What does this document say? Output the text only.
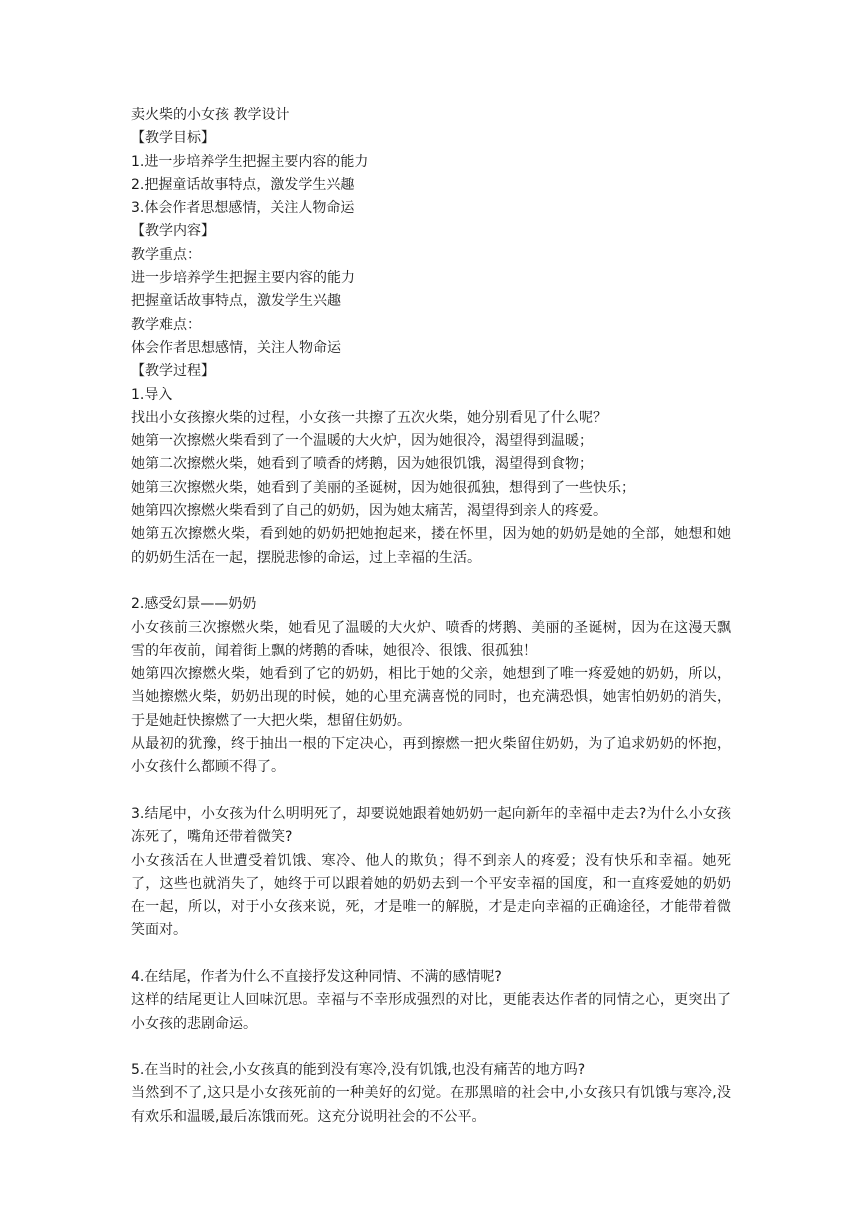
卖火柴的小女孩 教学设计

【教学目标】

1.进一步培养学生把握主要内容的能力

2.把握童话故事特点，激发学生兴趣

3.体会作者思想感情，关注人物命运

【教学内容】

教学重点：

进一步培养学生把握主要内容的能力

把握童话故事特点，激发学生兴趣

教学难点：

体会作者思想感情，关注人物命运

【教学过程】

1.导入

找出小女孩擦火柴的过程，小女孩一共擦了五次火柴，她分别看见了什么呢？

她第一次擦燃火柴看到了一个温暖的大火炉，因为她很冷，渴望得到温暖；

她第二次擦燃火柴，她看到了喷香的烤鹅，因为她很饥饿，渴望得到食物；

她第三次擦燃火柴，她看到了美丽的圣诞树，因为她很孤独，想得到了一些快乐；

她第四次擦燃火柴看到了自己的奶奶，因为她太痛苦，渴望得到亲人的疼爱。

她第五次擦燃火柴，看到她的奶奶把她抱起来，搂在怀里，因为她的奶奶是她的全部，她想和她的奶奶生活在一起，摆脱悲惨的命运，过上幸福的生活。

2.感受幻景——奶奶

小女孩前三次擦燃火柴，她看见了温暖的大火炉、喷香的烤鹅、美丽的圣诞树，因为在这漫天飘雪的年夜前，闻着街上飘的烤鹅的香味，她很冷、很饿、很孤独！

她第四次擦燃火柴，她看到了它的奶奶，相比于她的父亲，她想到了唯一疼爱她的奶奶，所以，当她擦燃火柴，奶奶出现的时候，她的心里充满喜悦的同时，也充满恐惧，她害怕奶奶的消失，于是她赶快擦燃了一大把火柴，想留住奶奶。

从最初的犹豫，终于抽出一根的下定决心，再到擦燃一把火柴留住奶奶，为了追求奶奶的怀抱，小女孩什么都顾不得了。

3.结尾中，小女孩为什么明明死了，却要说她跟着她奶奶一起向新年的幸福中走去?为什么小女孩冻死了，嘴角还带着微笑?

小女孩活在人世遭受着饥饿、寒冷、他人的欺负；得不到亲人的疼爱；没有快乐和幸福。她死了，这些也就消失了，她终于可以跟着她的奶奶去到一个平安幸福的国度，和一直疼爱她的奶奶在一起，所以，对于小女孩来说，死，才是唯一的解脱，才是走向幸福的正确途径，才能带着微笑面对。

4.在结尾，作者为什么不直接抒发这种同情、不满的感情呢?

这样的结尾更让人回味沉思。幸福与不幸形成强烈的对比，更能表达作者的同情之心，更突出了小女孩的悲剧命运。

5.在当时的社会,小女孩真的能到没有寒冷,没有饥饿,也没有痛苦的地方吗?

当然到不了,这只是小女孩死前的一种美好的幻觉。在那黑暗的社会中,小女孩只有饥饿与寒冷,没有欢乐和温暖,最后冻饿而死。这充分说明社会的不公平。
